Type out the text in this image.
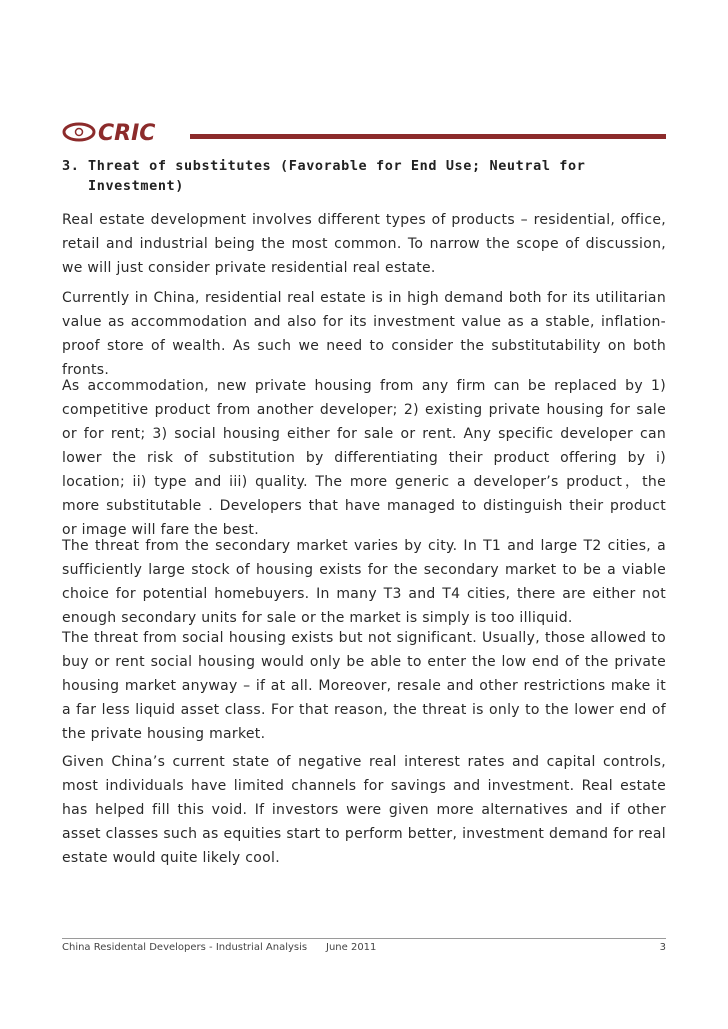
CRIC
3. Threat of substitutes (Favorable for End Use; Neutral for Investment)

Real estate development involves different types of products – residential, office, retail and industrial being the most common. To narrow the scope of discussion, we will just consider private residential real estate.

Currently in China, residential real estate is in high demand both for its utilitarian value as accommodation and also for its investment value as a stable, inflation-proof store of wealth. As such we need to consider the substitutability on both fronts.

As accommodation, new private housing from any firm can be replaced by 1) competitive product from another developer; 2) existing private housing for sale or for rent; 3) social housing either for sale or rent. Any specific developer can lower the risk of substitution by differentiating their product offering by i) location; ii) type and iii) quality. The more generic a developer’s product，the more substitutable . Developers that have managed to distinguish their product or image will fare the best.

The threat from the secondary market varies by city. In T1 and large T2 cities, a sufficiently large stock of housing exists for the secondary market to be a viable choice for potential homebuyers. In many T3 and T4 cities, there are either not enough secondary units for sale or the market is simply is too illiquid.

The threat from social housing exists but not significant. Usually, those allowed to buy or rent social housing would only be able to enter the low end of the private housing market anyway – if at all. Moreover, resale and other restrictions make it a far less liquid asset class. For that reason, the threat is only to the lower end of the private housing market.

Given China’s current state of negative real interest rates and capital controls, most individuals have limited channels for savings and investment. Real estate has helped fill this void. If investors were given more alternatives and if other asset classes such as equities start to perform better, investment demand for real estate would quite likely cool.

China Residental Developers - Industrial Analysis June 2011	3
